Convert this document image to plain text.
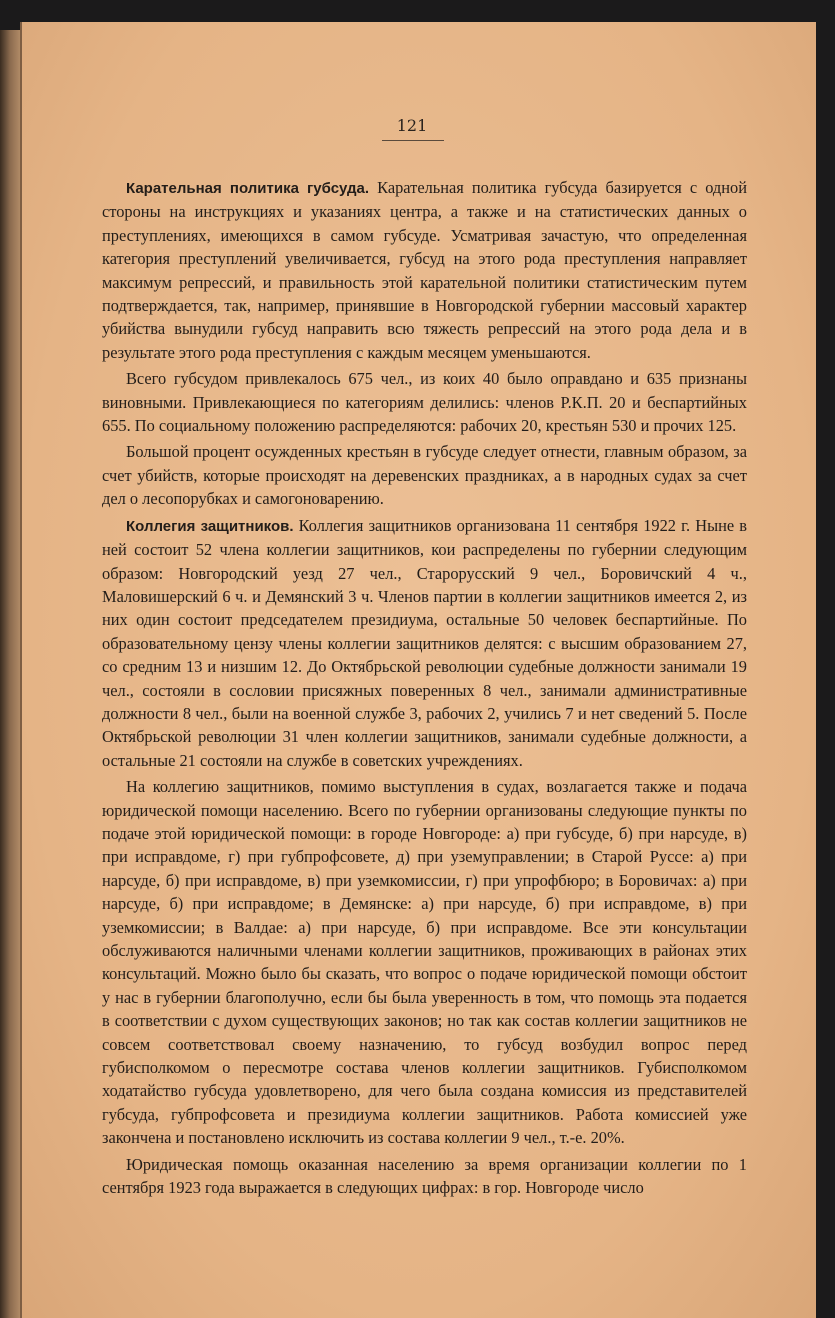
121

Карательная политика губсуда. Карательная политика губсуда базируется с одной стороны на инструкциях и указаниях центра, а также и на статистических данных о преступлениях, имеющихся в самом губсуде. Усматривая зачастую, что определенная категория преступлений увеличивается, губсуд на этого рода преступления направляет максимум репрессий, и правильность этой карательной политики статистическим путем подтверждается, так, например, принявшие в Новгородской губернии массовый характер убийства вынудили губсуд направить всю тяжесть репрессий на этого рода дела и в результате этого рода преступления с каждым месяцем уменьшаются.

Всего губсудом привлекалось 675 чел., из коих 40 было оправдано и 635 признаны виновными. Привлекающиеся по категориям делились: членов Р.К.П. 20 и беспартийных 655. По социальному положению распределяются: рабочих 20, крестьян 530 и прочих 125.

Большой процент осужденных крестьян в губсуде следует отнести, главным образом, за счет убийств, которые происходят на деревенских праздниках, а в народных судах за счет дел о лесопорубках и самогоноварению.

Коллегия защитников. Коллегия защитников организована 11 сентября 1922 г. Ныне в ней состоит 52 члена коллегии защитников, кои распределены по губернии следующим образом: Новгородский уезд 27 чел., Старорусский 9 чел., Боровичский 4 ч., Маловишерский 6 ч. и Демянский 3 ч. Членов партии в коллегии защитников имеется 2, из них один состоит председателем президиума, остальные 50 человек беспартийные. По образовательному цензу члены коллегии защитников делятся: с высшим образованием 27, со средним 13 и низшим 12. До Октябрьской революции судебные должности занимали 19 чел., состояли в сословии присяжных поверенных 8 чел., занимали административные должности 8 чел., были на военной службе 3, рабочих 2, учились 7 и нет сведений 5. После Октябрьской революции 31 член коллегии защитников, занимали судебные должности, а остальные 21 состояли на службе в советских учреждениях.

На коллегию защитников, помимо выступления в судах, возлагается также и подача юридической помощи населению. Всего по губернии организованы следующие пункты по подаче этой юридической помощи: в городе Новгороде: а) при губсуде, б) при нарсуде, в) при исправдоме, г) при губпрофсовете, д) при уземуправлении; в Старой Руссе: а) при нарсуде, б) при исправдоме, в) при уземкомиссии, г) при упрофбюро; в Боровичах: а) при нарсуде, б) при исправдоме; в Демянске: а) при нарсуде, б) при исправдоме, в) при уземкомиссии; в Валдае: а) при нарсуде, б) при исправдоме. Все эти консультации обслуживаются наличными членами коллегии защитников, проживающих в районах этих консультаций. Можно было бы сказать, что вопрос о подаче юридической помощи обстоит у нас в губернии благополучно, если бы была уверенность в том, что помощь эта подается в соответствии с духом существующих законов; но так как состав коллегии защитников не совсем соответствовал своему назначению, то губсуд возбудил вопрос перед губисполкомом о пересмотре состава членов коллегии защитников. Губисполкомом ходатайство губсуда удовлетворено, для чего была создана комиссия из представителей губсуда, губпрофсовета и президиума коллегии защитников. Работа комиссией уже закончена и постановлено исключить из состава коллегии 9 чел., т.-е. 20%.

Юридическая помощь оказанная населению за время организации коллегии по 1 сентября 1923 года выражается в следующих цифрах: в гор. Новгороде число
